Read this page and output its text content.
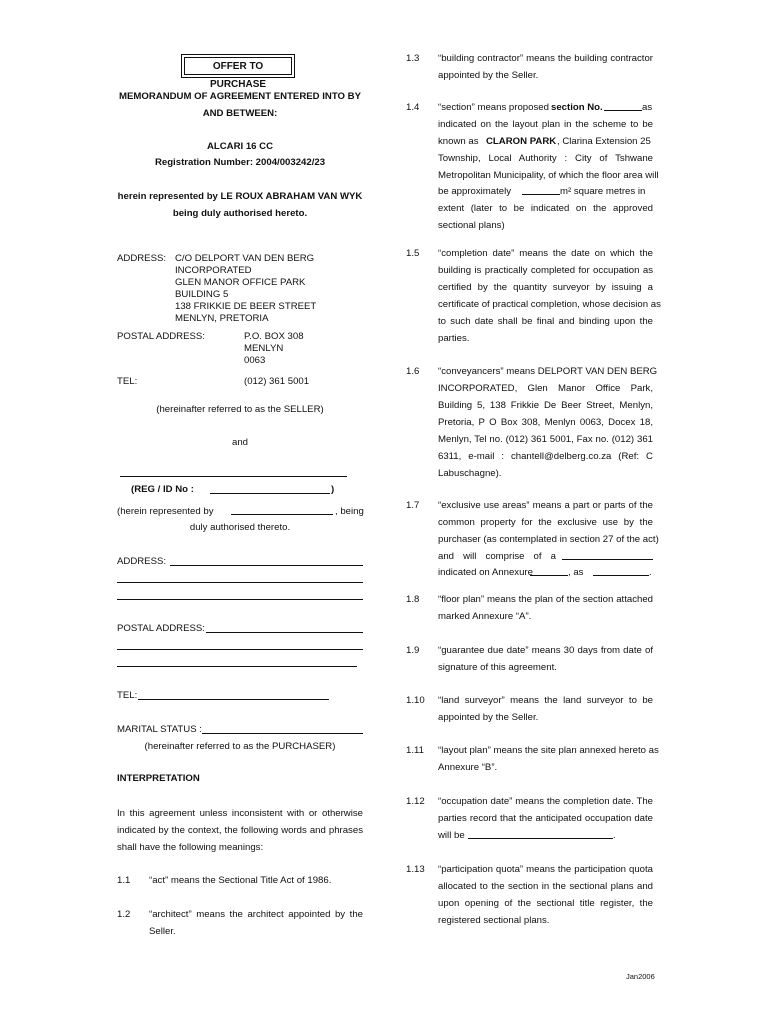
OFFER TO PURCHASE
MEMORANDUM OF AGREEMENT ENTERED INTO BY
AND BETWEEN:
ALCARI 16 CC
Registration Number: 2004/003242/23
herein represented by LE ROUX ABRAHAM VAN WYK
being duly authorised hereto.
ADDRESS: C/O DELPORT VAN DEN BERG
INCORPORATED
GLEN MANOR OFFICE PARK
BUILDING 5
138 FRIKKIE DE BEER STREET
MENLYN, PRETORIA
POSTAL ADDRESS:	P.O. BOX 308
MENLYN
0063
TEL:	(012) 361 5001
(hereinafter referred to as the SELLER)
and
(REG / ID No :	)
(herein represented by	, being
duly authorised thereto.
ADDRESS:
POSTAL ADDRESS:
TEL:
MARITAL STATUS :
(hereinafter referred to as the PURCHASER)
INTERPRETATION
In this agreement unless inconsistent with or otherwise
indicated by the context, the following words and phrases
shall have the following meanings:
1.1 “act” means the Sectional Title Act of 1986.
1.2 “architect” means the architect appointed by the
Seller.
1.3 “building contractor” means the building contractor
appointed by the Seller.
1.4 “section” means proposed section No.	as
indicated on the layout plan in the scheme to be
known as CLARON PARK , Clarina Extension 25
Township, Local Authority : City of Tshwane
Metropolitan Municipality, of which the floor area will
be approximately	m² square metres in
extent (later to be indicated on the approved
sectional plans)
1.5 “completion date” means the date on which the
building is practically completed for occupation as
certified by the quantity surveyor by issuing a
certificate of practical completion, whose decision as
to such date shall be final and binding upon the
parties.
1.6 “conveyancers” means DELPORT VAN DEN BERG
INCORPORATED, Glen Manor Office Park,
Building 5, 138 Frikkie De Beer Street, Menlyn,
Pretoria, P O Box 308, Menlyn 0063, Docex 18,
Menlyn, Tel no. (012) 361 5001, Fax no. (012) 361
6311, e-mail : chantell@delberg.co.za (Ref: C
Labuschagne).
1.7 “exclusive use areas” means a part or parts of the
common property for the exclusive use by the
purchaser (as contemplated in section 27 of the act)
and will comprise of a
indicated on Annexure	, as	.
1.8 “floor plan” means the plan of the section attached
marked Annexure “A”.
1.9 “guarantee due date” means 30 days from date of
signature of this agreement.
1.10 “land surveyor” means the land surveyor to be
appointed by the Seller.
1.11 “layout plan” means the site plan annexed hereto as
Annexure “B”.
1.12 “occupation date” means the completion date. The
parties record that the anticipated occupation date
will be	.
1.13 “participation quota” means the participation quota
allocated to the section in the sectional plans and
upon opening of the sectional title register, the
registered sectional plans.
Jan2006
